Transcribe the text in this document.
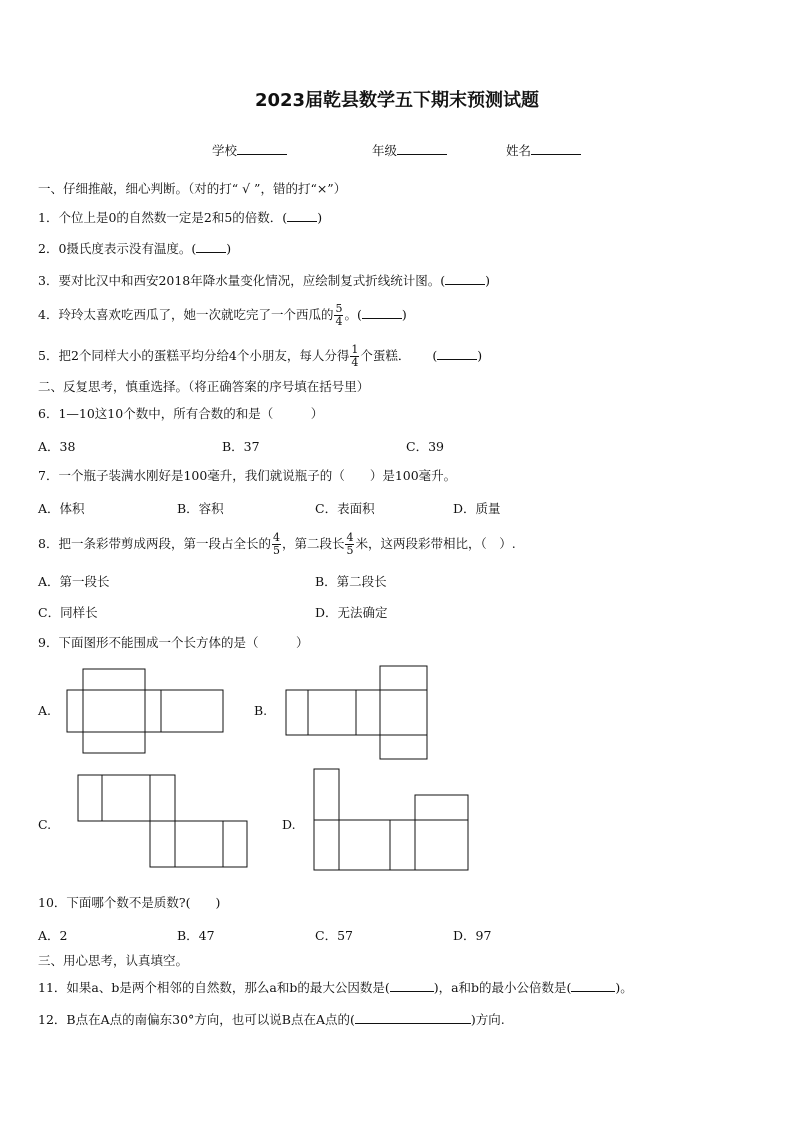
2023届乾县数学五下期末预测试题
学校	年级	姓名
一、仔细推敲，细心判断。（对的打“ √ ”，错的打“×”）
1．个位上是0的自然数一定是2和5的倍数．( )
2．0摄氏度表示没有温度。( )
3．要对比汉中和西安2018年降水量变化情况，应绘制复式折线统计图。(	)
4．玲玲太喜欢吃西瓜了，她一次就吃完了一个西瓜的 $\frac{5}{4}$ 。(	)
5．把2个同样大小的蛋糕平均分给4个小朋友，每人分得 $\frac{1}{4}$ 个蛋糕． (	)
二、反复思考，慎重选择。（将正确答案的序号填在括号里）
6．1—10这10个数中，所有合数的和是（　　　）
A．38	B．37	C．39
7．一个瓶子装满水刚好是100毫升，我们就说瓶子的（　　）是100毫升。
A．体积	B．容积	C．表面积	D．质量
8．把一条彩带剪成两段，第一段占全长的 $\frac{4}{5}$ ，第二段长 $\frac{4}{5}$ 米，这两段彩带相比，（　）.
A．第一段长	B．第二段长
C．同样长	D．无法确定
9．下面图形不能围成一个长方体的是（　　　）
A.	B.
C.	D.
10．下面哪个数不是质数?(　　)
A．2	B．47	C．57	D．97
三、用心思考，认真填空。
11．如果a、b是两个相邻的自然数，那么a和b的最大公因数是(	)，a和b的最小公倍数是(	)。
12．B点在A点的南偏东30°方向，也可以说B点在A点的(	)方向.
